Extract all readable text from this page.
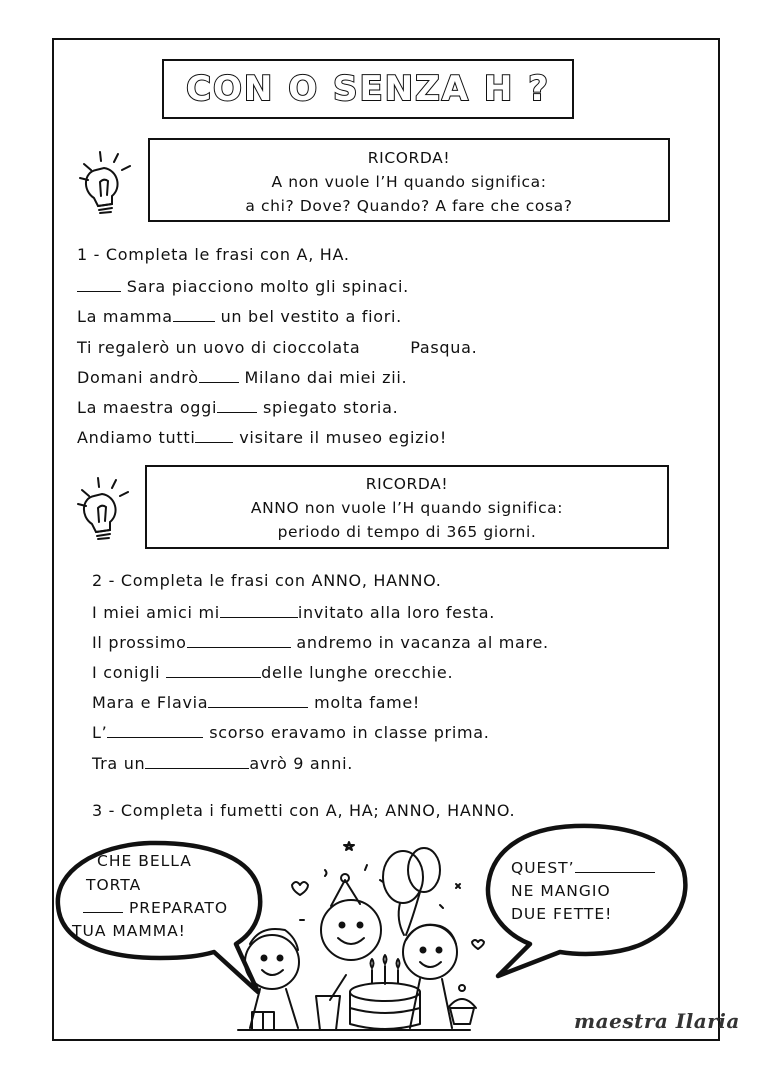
CON O SENZA H ?
RICORDA!
A non vuole l’H quando significa:
a chi? Dove? Quando? A fare che cosa?
1 - Completa le frasi con A, HA.
Sara piacciono molto gli spinaci.
La mamma	un bel vestito a fiori.
Ti regalerò un uovo di cioccolata	Pasqua.
Domani andrò	Milano dai miei zii.
La maestra oggi	spiegato storia.
Andiamo tutti	visitare il museo egizio!
RICORDA!
ANNO non vuole l’H quando significa:
periodo di tempo di 365 giorni.
2 - Completa le frasi con ANNO, HANNO.
I miei amici mi	invitato alla loro festa.
Il prossimo	andremo in vacanza al mare.
I conigli	delle lunghe orecchie.
Mara e Flavia	molta fame!
L’	scorso eravamo in classe prima.
Tra un	avrò 9 anni.
3 - Completa i fumetti con A, HA; ANNO, HANNO.
CHE BELLA
TORTA
PREPARATO
TUA MAMMA!
QUEST’
NE MANGIO
DUE FETTE!
maestra Ilaria
